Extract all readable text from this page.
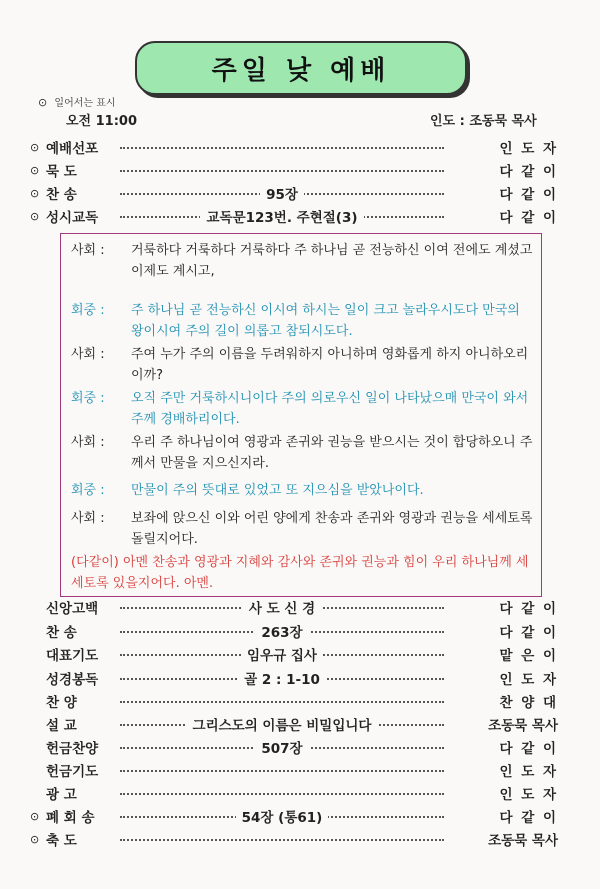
주일 낮 예배
⊙ 일어서는 표시
오전 11:00	인도 : 조동묵 목사
⊙ 예배선포	인 도 자
⊙ 묵 도	다 같 이
⊙ 찬 송	95장	다 같 이
⊙ 성시교독	교독문123번. 주현절(3)	다 같 이
사회 :	거룩하다 거룩하다 거룩하다 주 하나님 곧 전능하신 이여 전에도 계셨고 이제도 계시고,
회중 :	주 하나님 곧 전능하신 이시여 하시는 일이 크고 놀라우시도다 만국의 왕이시여 주의 길이 의롭고 참되시도다.
사회 :	주여 누가 주의 이름을 두려워하지 아니하며 영화롭게 하지 아니하오리이까?
회중 :	오직 주만 거룩하시니이다 주의 의로우신 일이 나타났으매 만국이 와서 주께 경배하리이다.
사회 :	우리 주 하나님이여 영광과 존귀와 권능을 받으시는 것이 합당하오니 주께서 만물을 지으신지라.
회중 :	만물이 주의 뜻대로 있었고 또 지으심을 받았나이다.
사회 :	보좌에 앉으신 이와 어린 양에게 찬송과 존귀와 영광과 권능을 세세토록 돌릴지어다.
(다같이) 아멘 찬송과 영광과 지혜와 감사와 존귀와 권능과 힘이 우리 하나님께 세세토록 있을지어다. 아멘.
신앙고백	사 도 신 경	다 같 이
찬 송	263장	다 같 이
대표기도	임우규 집사	맡 은 이
성경봉독	골 2 : 1-10	인 도 자
찬 양	찬 양 대
설 교	그리스도의 이름은 비밀입니다	조동묵 목사
헌금찬양	507장	다 같 이
헌금기도	인 도 자
광 고	인 도 자
⊙ 폐 회 송	54장 (통61)	다 같 이
⊙ 축 도	조동묵 목사
